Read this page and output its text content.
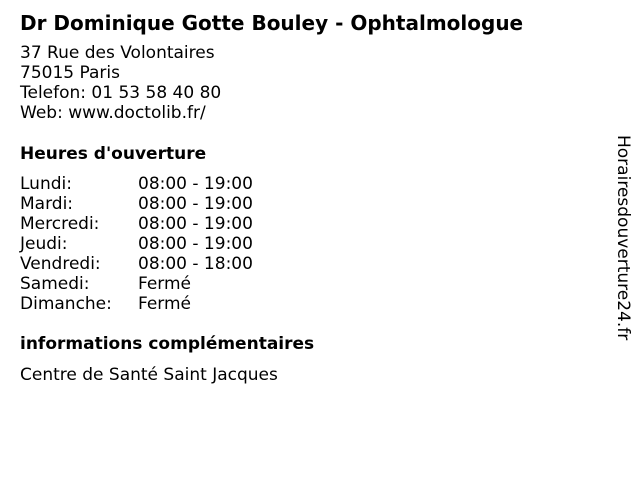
Dr Dominique Gotte Bouley - Ophtalmologue
37 Rue des Volontaires
75015 Paris
Telefon: 01 53 58 40 80
Web: www.doctolib.fr/
Heures d'ouverture
Lundi:	08:00 - 19:00
Mardi:	08:00 - 19:00
Mercredi: 08:00 - 19:00
Jeudi:	08:00 - 19:00
Vendredi: 08:00 - 18:00
Samedi:	Fermé
Dimanche: Fermé
informations complémentaires
Centre de Santé Saint Jacques
Horairesdouverture24.fr
